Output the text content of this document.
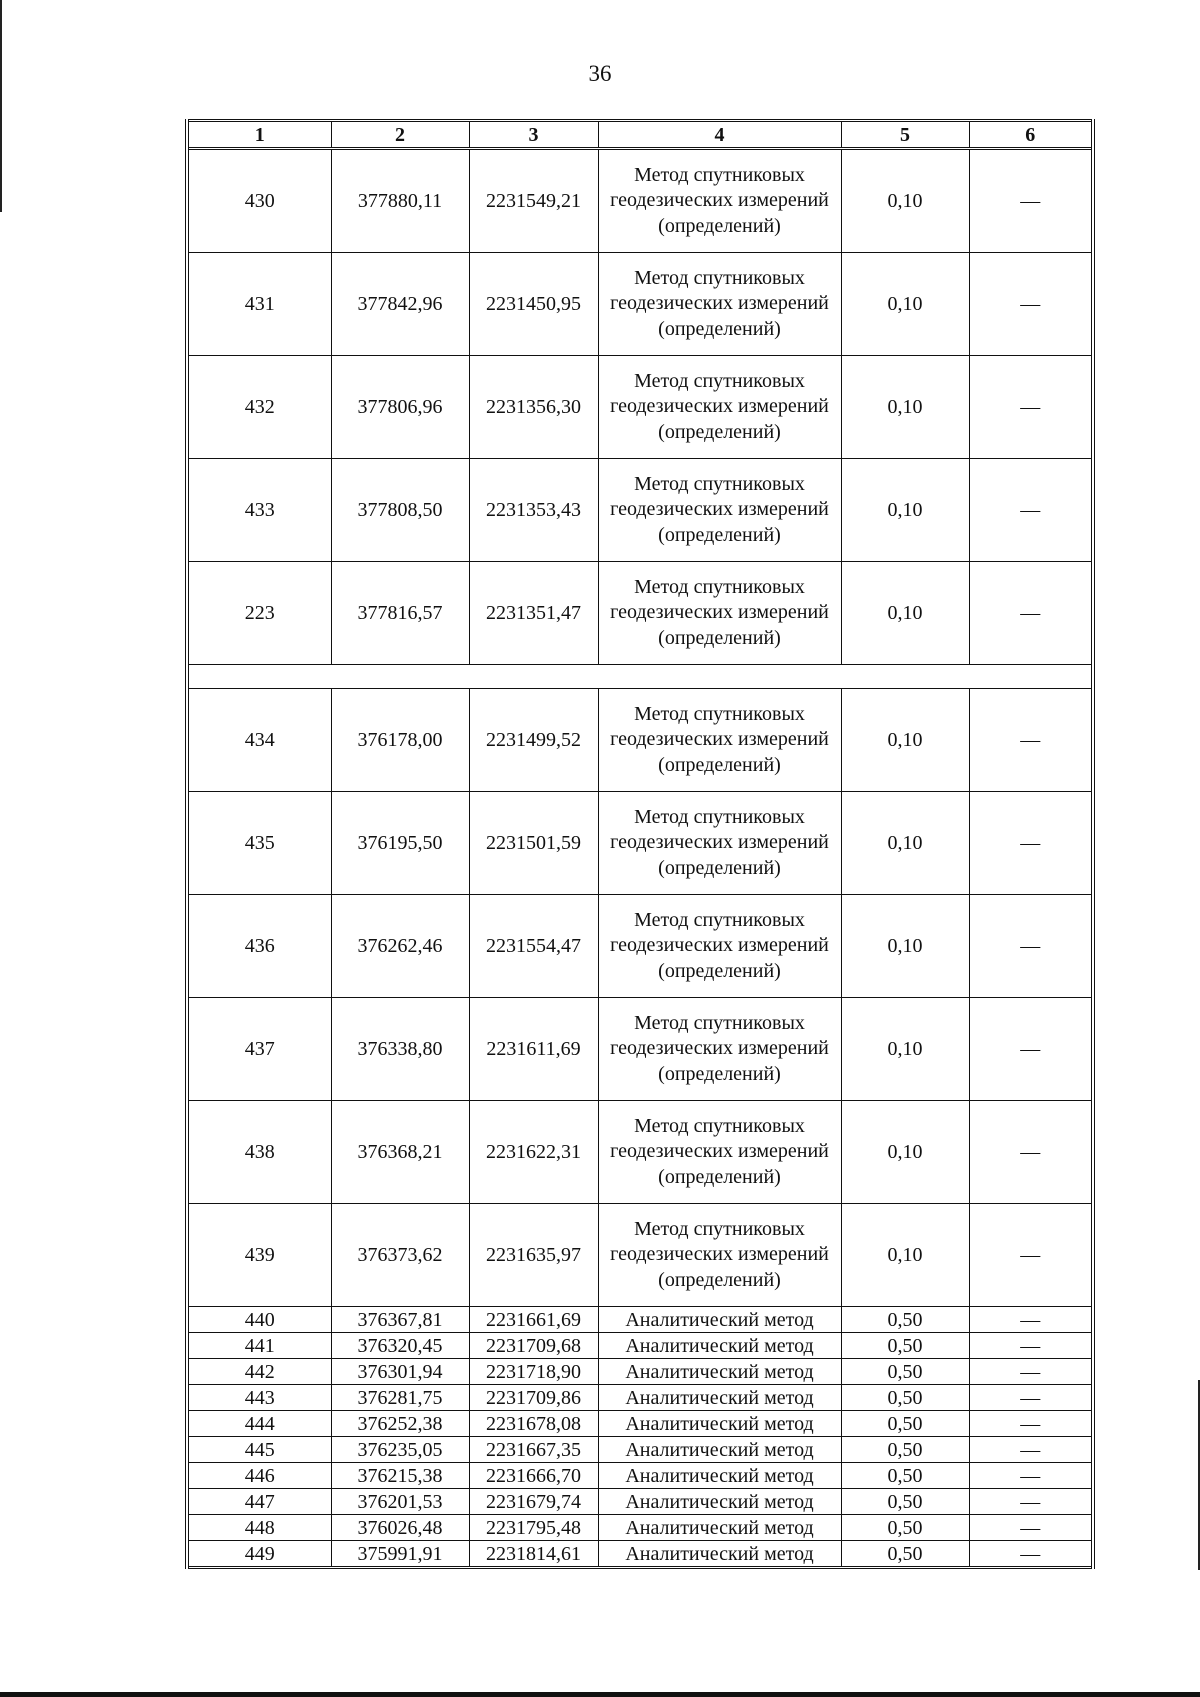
36
1	2	3	4	5	6
430	377880,11	2231549,21	Метод спутниковых геодезических измерений (определений)	0,10	—
431	377842,96	2231450,95	Метод спутниковых геодезических измерений (определений)	0,10	—
432	377806,96	2231356,30	Метод спутниковых геодезических измерений (определений)	0,10	—
433	377808,50	2231353,43	Метод спутниковых геодезических измерений (определений)	0,10	—
223	377816,57	2231351,47	Метод спутниковых геодезических измерений (определений)	0,10	—

434	376178,00	2231499,52	Метод спутниковых геодезических измерений (определений)	0,10	—
435	376195,50	2231501,59	Метод спутниковых геодезических измерений (определений)	0,10	—
436	376262,46	2231554,47	Метод спутниковых геодезических измерений (определений)	0,10	—
437	376338,80	2231611,69	Метод спутниковых геодезических измерений (определений)	0,10	—
438	376368,21	2231622,31	Метод спутниковых геодезических измерений (определений)	0,10	—
439	376373,62	2231635,97	Метод спутниковых геодезических измерений (определений)	0,10	—
440	376367,81	2231661,69	Аналитический метод	0,50	—
441	376320,45	2231709,68	Аналитический метод	0,50	—
442	376301,94	2231718,90	Аналитический метод	0,50	—
443	376281,75	2231709,86	Аналитический метод	0,50	—
444	376252,38	2231678,08	Аналитический метод	0,50	—
445	376235,05	2231667,35	Аналитический метод	0,50	—
446	376215,38	2231666,70	Аналитический метод	0,50	—
447	376201,53	2231679,74	Аналитический метод	0,50	—
448	376026,48	2231795,48	Аналитический метод	0,50	—
449	375991,91	2231814,61	Аналитический метод	0,50	—
